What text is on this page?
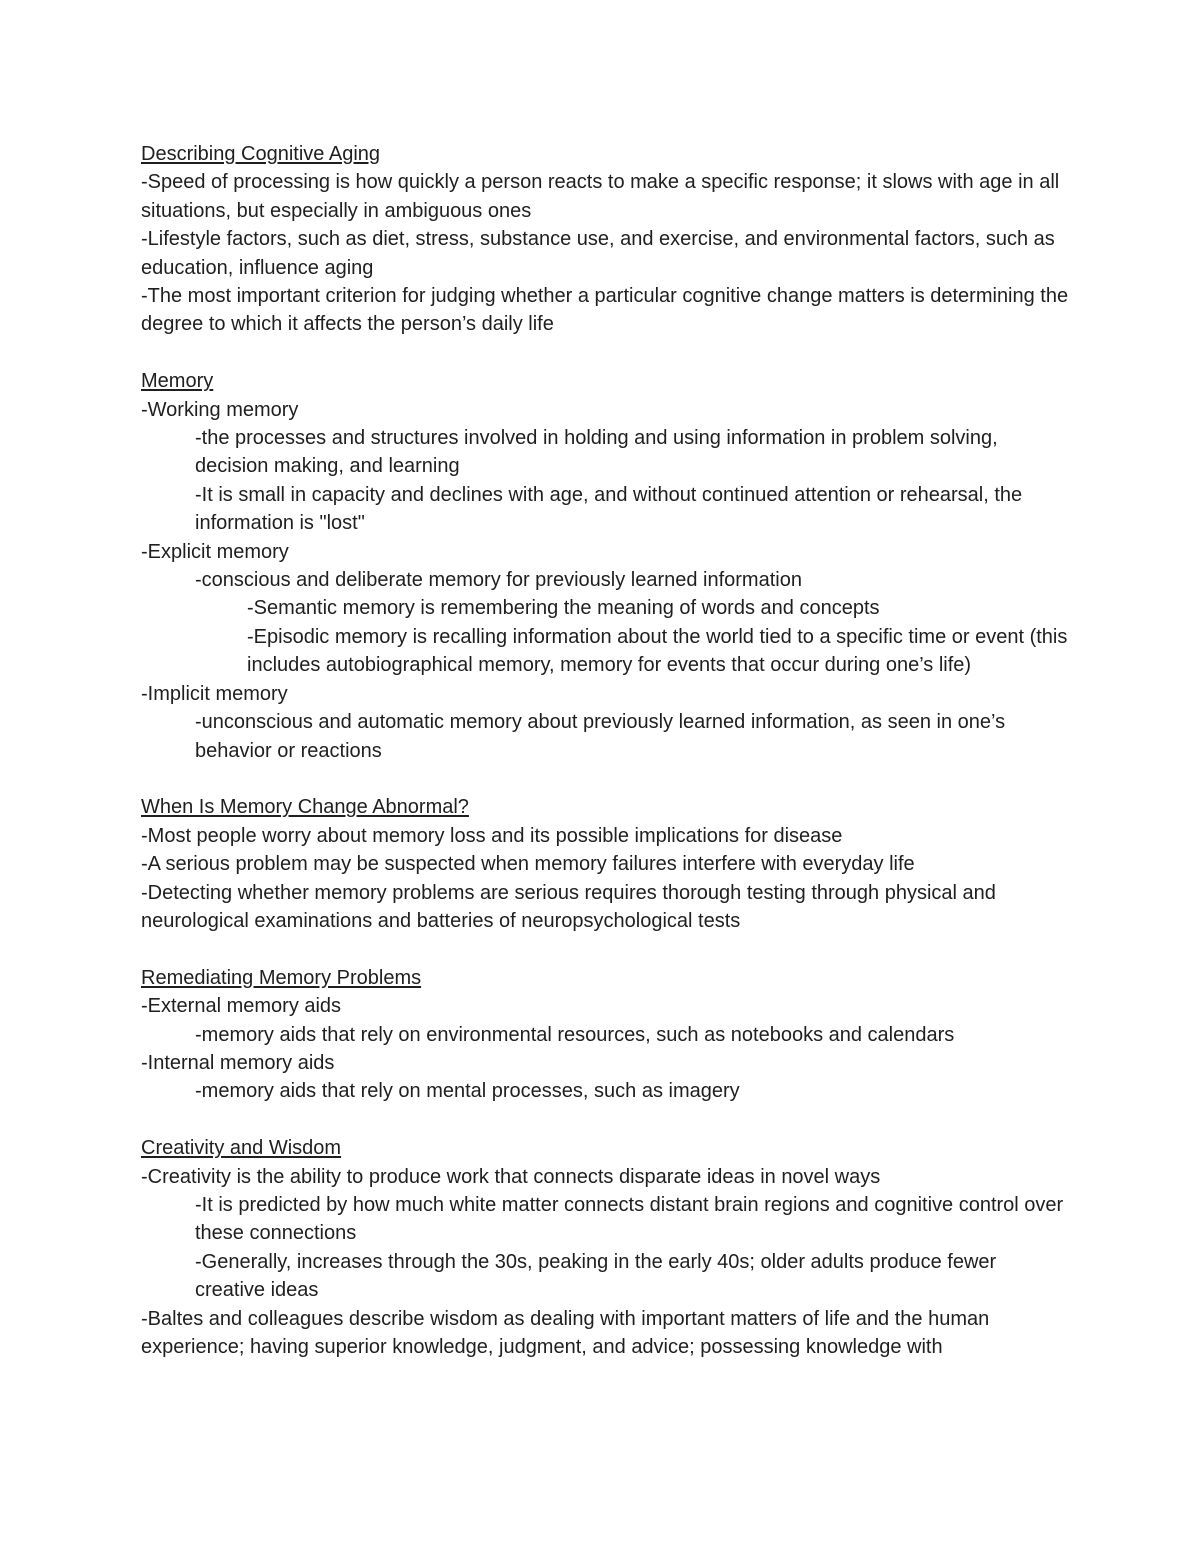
Describing Cognitive Aging
-Speed of processing is how quickly a person reacts to make a specific response; it slows with age in all situations, but especially in ambiguous ones
-Lifestyle factors, such as diet, stress, substance use, and exercise, and environmental factors, such as education, influence aging
-The most important criterion for judging whether a particular cognitive change matters is determining the degree to which it affects the person’s daily life
Memory
-Working memory
-the processes and structures involved in holding and using information in problem solving, decision making, and learning
-It is small in capacity and declines with age, and without continued attention or rehearsal, the information is "lost"
-Explicit memory
-conscious and deliberate memory for previously learned information
-Semantic memory is remembering the meaning of words and concepts
-Episodic memory is recalling information about the world tied to a specific time or event (this includes autobiographical memory, memory for events that occur during one’s life)
-Implicit memory
-unconscious and automatic memory about previously learned information, as seen in one’s behavior or reactions
When Is Memory Change Abnormal?
-Most people worry about memory loss and its possible implications for disease
-A serious problem may be suspected when memory failures interfere with everyday life
-Detecting whether memory problems are serious requires thorough testing through physical and neurological examinations and batteries of neuropsychological tests
Remediating Memory Problems
-External memory aids
-memory aids that rely on environmental resources, such as notebooks and calendars
-Internal memory aids
-memory aids that rely on mental processes, such as imagery
Creativity and Wisdom
-Creativity is the ability to produce work that connects disparate ideas in novel ways
-It is predicted by how much white matter connects distant brain regions and cognitive control over these connections
-Generally, increases through the 30s, peaking in the early 40s; older adults produce fewer creative ideas
-Baltes and colleagues describe wisdom as dealing with important matters of life and the human experience; having superior knowledge, judgment, and advice; possessing knowledge with
